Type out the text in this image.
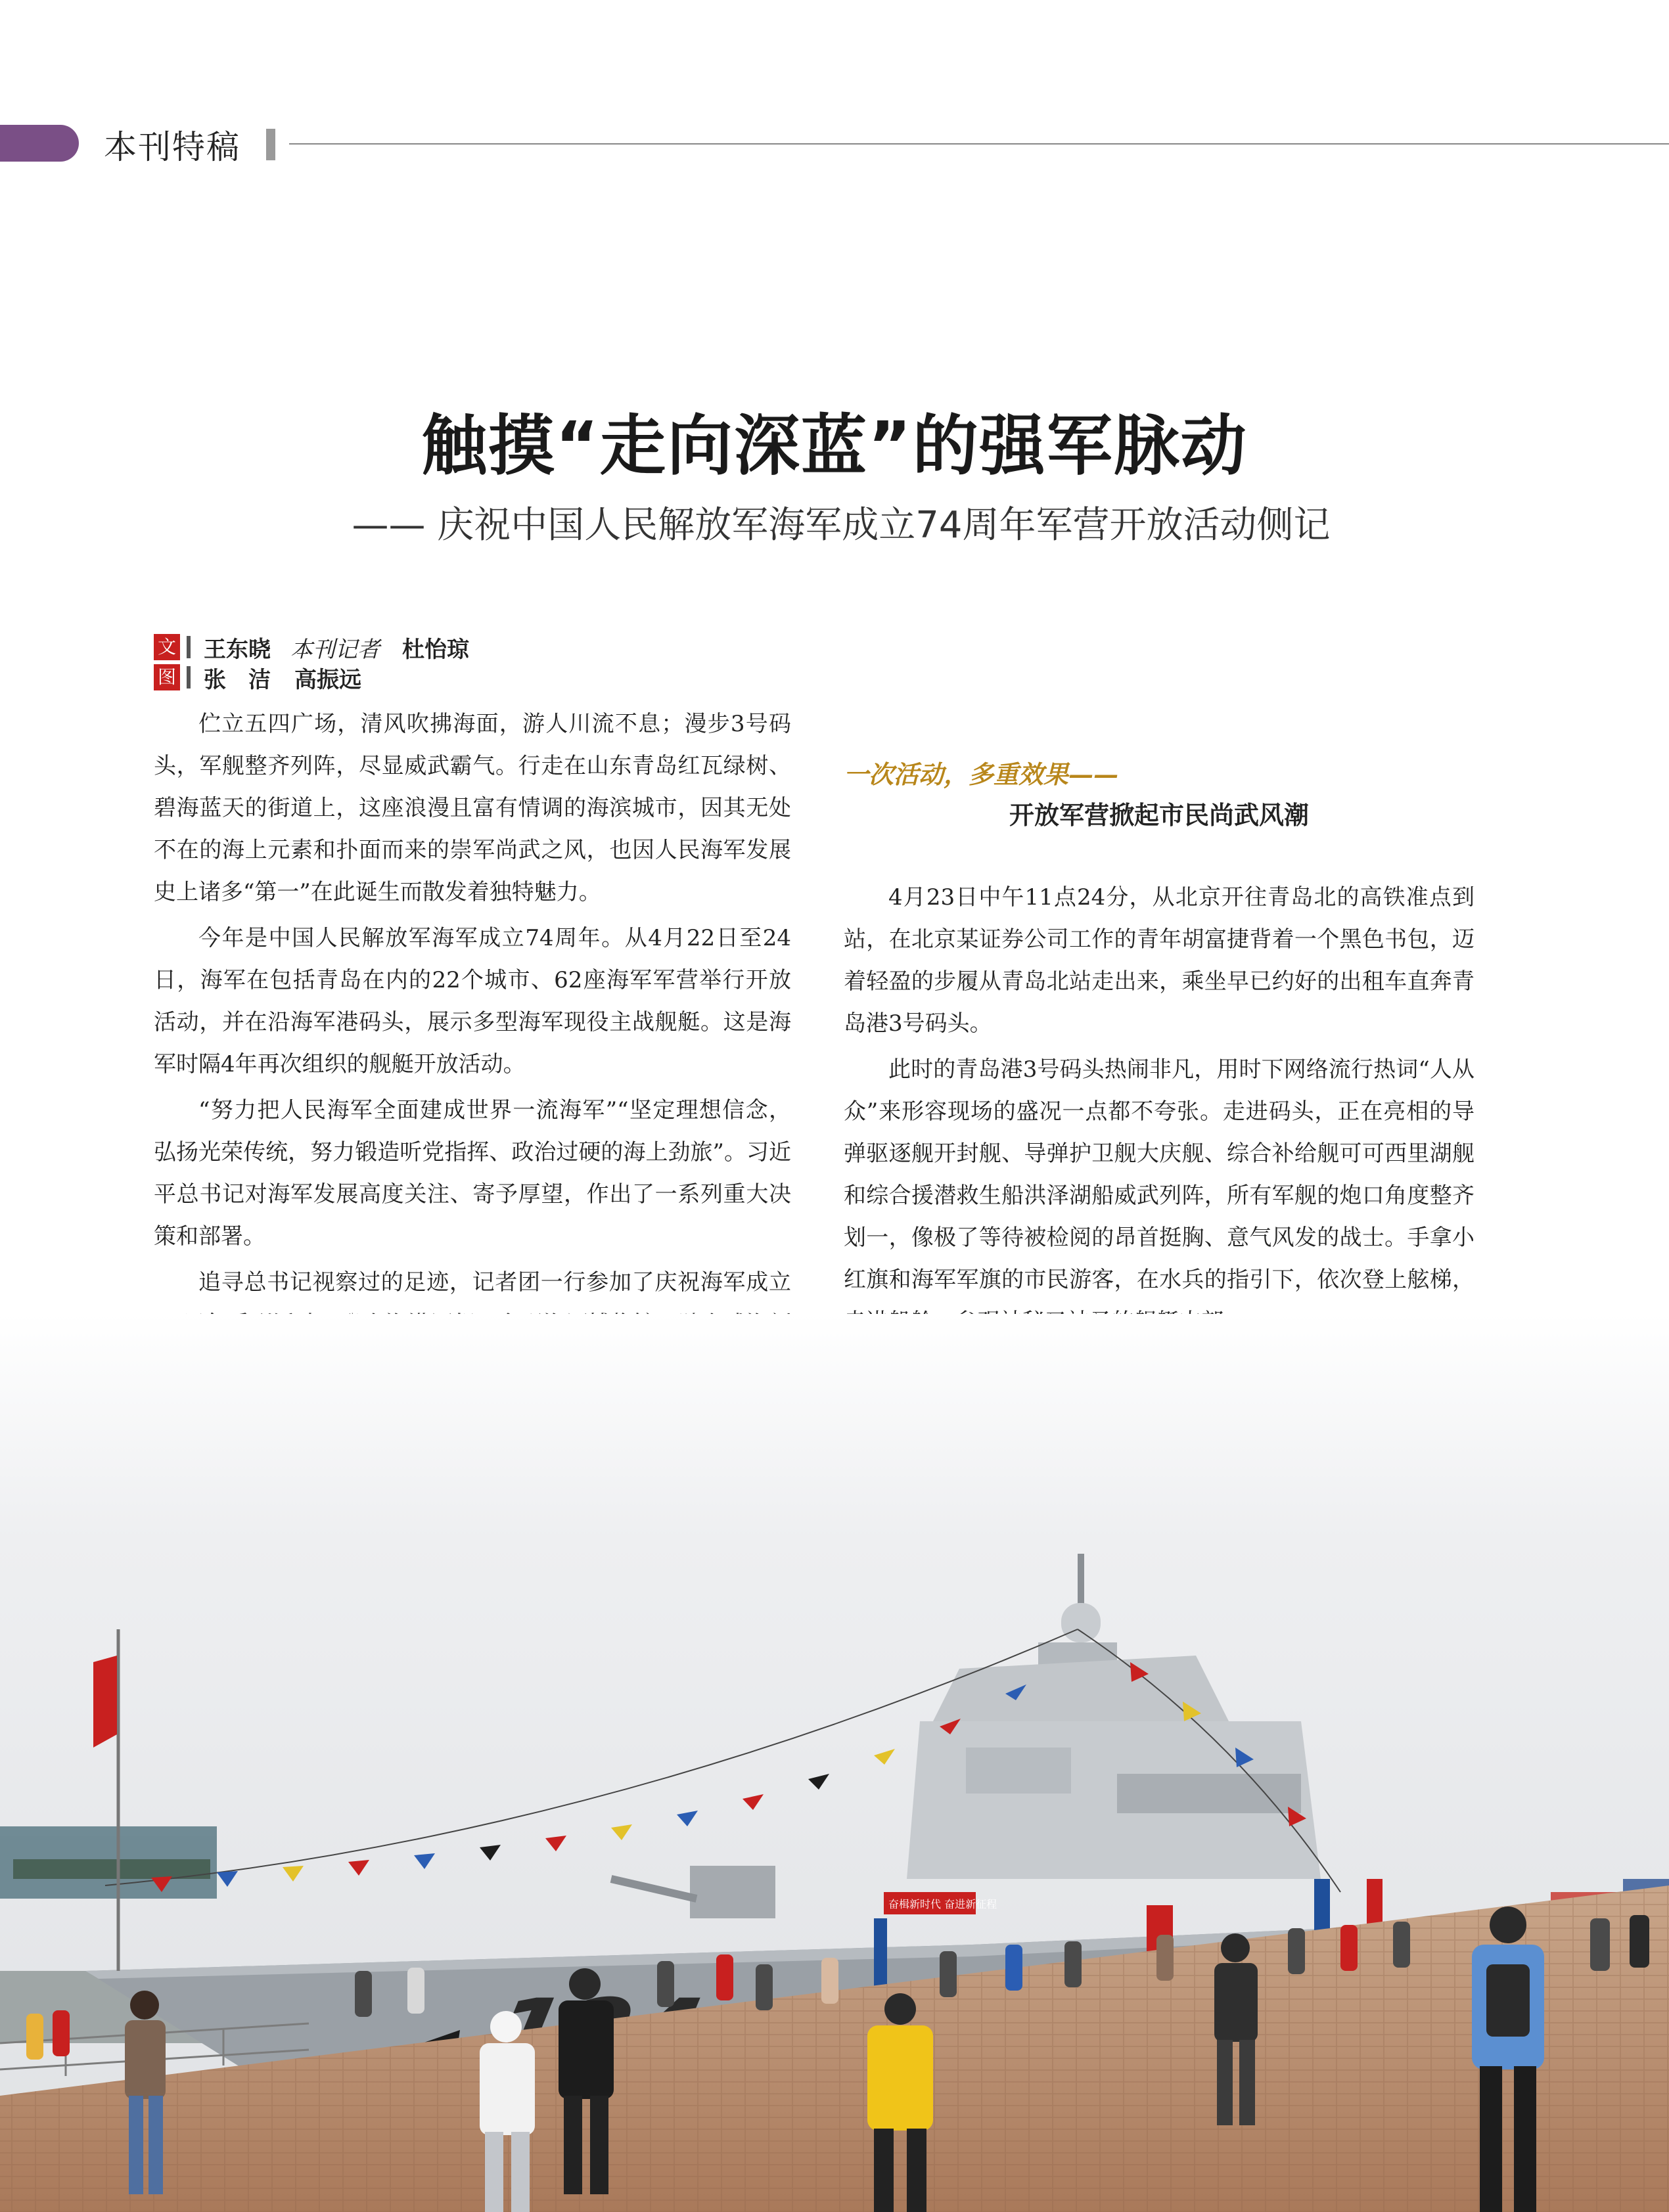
本刊特稿
触摸“走向深蓝”的强军脉动
—— 庆祝中国人民解放军海军成立74周年军营开放活动侧记
文 王东晓 本刊记者 杜怡琼
图 张　洁 高振远

伫立五四广场，清风吹拂海面，游人川流不息；漫步3号码头，军舰整齐列阵，尽显威武霸气。行走在山东青岛红瓦绿树、碧海蓝天的街道上，这座浪漫且富有情调的海滨城市，因其无处不在的海上元素和扑面而来的崇军尚武之风，也因人民海军发展史上诸多“第一”在此诞生而散发着独特魅力。

今年是中国人民解放军海军成立74周年。从4月22日至24日，海军在包括青岛在内的22个城市、62座海军军营举行开放活动，并在沿海军港码头，展示多型海军现役主战舰艇。这是海军时隔4年再次组织的舰艇开放活动。

“努力把人民海军全面建成世界一流海军”“坚定理想信念，弘扬光荣传统，努力锻造听党指挥、政治过硬的海上劲旅”。习近平总书记对海军发展高度关注、寄予厚望，作出了一系列重大决策和部署。

追寻总书记视察过的足迹，记者团一行参加了庆祝海军成立

一次活动，多重效果——
开放军营掀起市民尚武风潮

4月23日中午11点24分，从北京开往青岛北的高铁准点到站，在北京某证券公司工作的青年胡富捷背着一个黑色书包，迈着轻盈的步履从青岛北站走出来，乘坐早已约好的出租车直奔青岛港3号码头。

此时的青岛港3号码头热闹非凡，用时下网络流行热词“人从众”来形容现场的盛况一点都不夸张。走进码头，正在亮相的导弹驱逐舰开封舰、导弹护卫舰大庆舰、综合补给舰可可西里湖舰和综合援潜救生船洪泽湖船威武列阵，所有军舰的炮口角度整齐划一，像极了等待被检阅的昂首挺胸、意气风发的战士。手拿小红旗和海军军旗的市民游客，在水兵的指引下，依次登上舷梯，

奋楫新时代 奋进新征程
